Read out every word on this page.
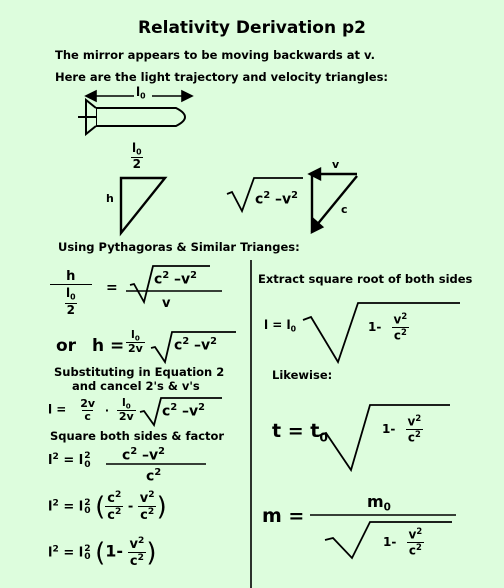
Relativity Derivation p2
The mirror appears to be moving backwards at v.
Here are the light trajectory and velocity triangles:
$l_0$
$\frac{l_0}{2}$
h
v
c
$c^2$ $-v^2$
Using Pythagoras & Similar Trianges:
$\frac{h}{\frac{l_0}{2}}$ =
$c^2$ $-v^2$
v
or $h = \frac{l_0}{2v} c^2$ $-v^2$
Substituting in Equation 2
and cancel 2's & v's
$l = \frac{2v}{c} \cdot \frac{l_0}{2v} c^2$ $-v^2$
Square both sides & factor
$l^2 = l$ 2
0
$c^2$ $-v^2$
$c^2$
$l^2 = l$ 2
0 ( $\frac{c^2}{c^2} - \frac{v^2}{c^2}$ )
$l^2 = l$ 2
0 ($1- \frac{v^2}{c^2}$ )
Extract square root of both sides
$l = l_0$	$1- \frac{v^2}{c^2}$
Likewise:
$t = t_0$
$1- \frac{v^2}{c^2}$
m =
$m_0$
$1- \frac{v^2}{c^2}$
